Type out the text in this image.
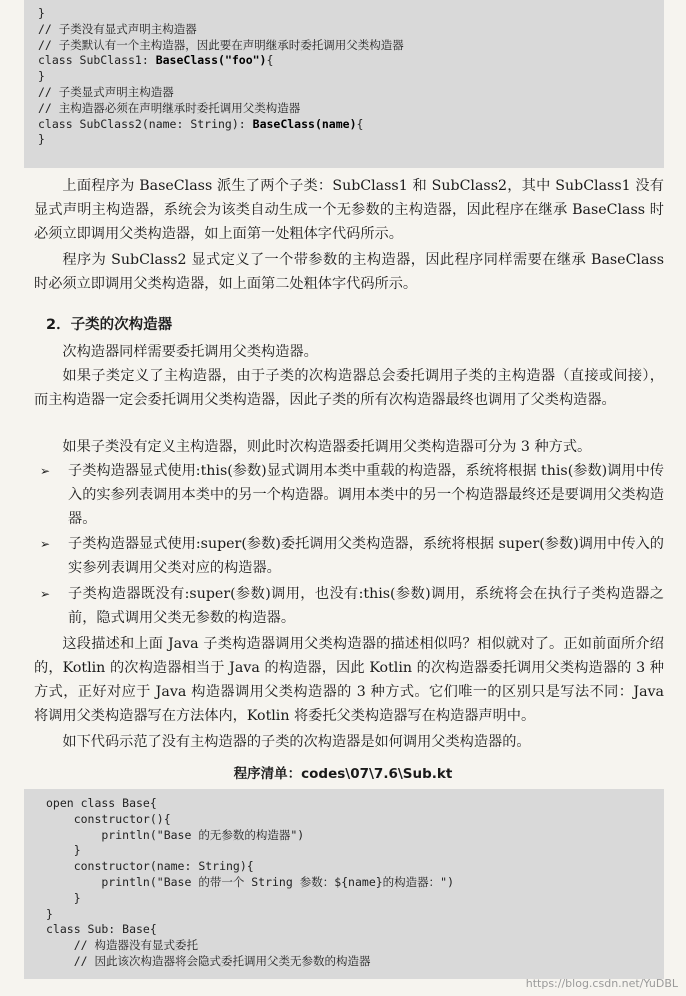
}
// 子类没有显式声明主构造器
// 子类默认有一个主构造器，因此要在声明继承时委托调用父类构造器
class SubClass1: BaseClass("foo"){
}
// 子类显式声明主构造器
// 主构造器必须在声明继承时委托调用父类构造器
class SubClass2(name: String): BaseClass(name){
}

上面程序为 BaseClass 派生了两个子类：SubClass1 和 SubClass2，其中 SubClass1 没有显式声明主构造器，系统会为该类自动生成一个无参数的主构造器，因此程序在继承 BaseClass 时必须立即调用父类构造器，如上面第一处粗体字代码所示。

程序为 SubClass2 显式定义了一个带参数的主构造器，因此程序同样需要在继承 BaseClass 时必须立即调用父类构造器，如上面第二处粗体字代码所示。

2．子类的次构造器

次构造器同样需要委托调用父类构造器。

如果子类定义了主构造器，由于子类的次构造器总会委托调用子类的主构造器（直接或间接），而主构造器一定会委托调用父类构造器，因此子类的所有次构造器最终也调用了父类构造器。

如果子类没有定义主构造器，则此时次构造器委托调用父类构造器可分为 3 种方式。

➢ 子类构造器显式使用:this(参数)显式调用本类中重载的构造器，系统将根据 this(参数)调用中传入的实参列表调用本类中的另一个构造器。调用本类中的另一个构造器最终还是要调用父类构造器。
➢ 子类构造器显式使用:super(参数)委托调用父类构造器，系统将根据 super(参数)调用中传入的实参列表调用父类对应的构造器。
➢ 子类构造器既没有:super(参数)调用，也没有:this(参数)调用，系统将会在执行子类构造器之前，隐式调用父类无参数的构造器。

这段描述和上面 Java 子类构造器调用父类构造器的描述相似吗？相似就对了。正如前面所介绍的，Kotlin 的次构造器相当于 Java 的构造器，因此 Kotlin 的次构造器委托调用父类构造器的 3 种方式，正好对应于 Java 构造器调用父类构造器的 3 种方式。它们唯一的区别只是写法不同：Java 将调用父类构造器写在方法体内，Kotlin 将委托父类构造器写在构造器声明中。

如下代码示范了没有主构造器的子类的次构造器是如何调用父类构造器的。

程序清单：codes\07\7.6\Sub.kt
open class Base{
constructor(){
println("Base 的无参数的构造器")
}
constructor(name: String){
println("Base 的带一个 String 参数：${name}的构造器：")
}
}
class Sub: Base{
// 构造器没有显式委托
// 因此该次构造器将会隐式委托调用父类无参数的构造器
https://blog.csdn.net/YuDBL
